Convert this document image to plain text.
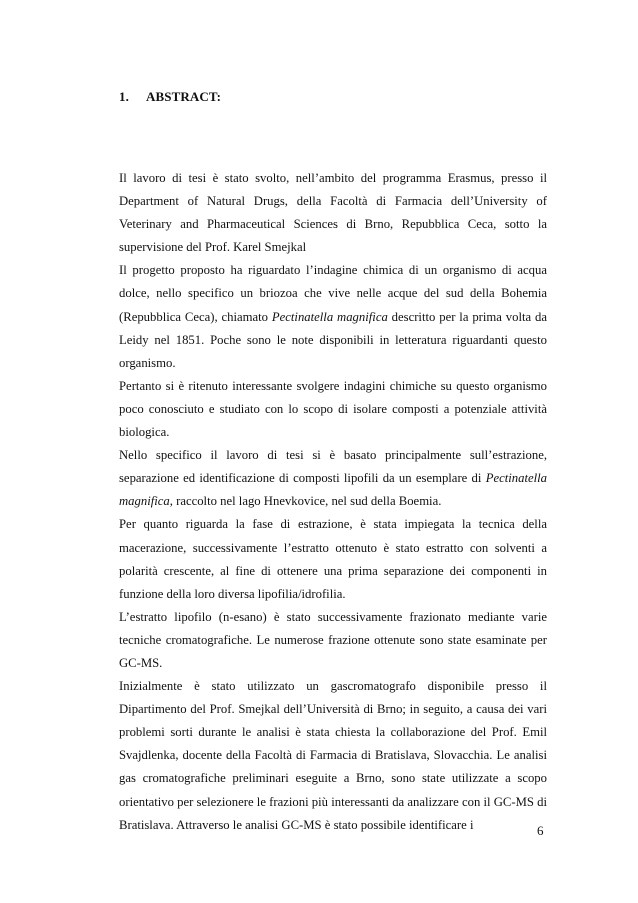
1. ABSTRACT:

Il lavoro di tesi è stato svolto, nell’ambito del programma Erasmus, presso il Department of Natural Drugs, della Facoltà di Farmacia dell’University of Veterinary and Pharmaceutical Sciences di Brno, Repubblica Ceca, sotto la supervisione del Prof. Karel Smejkal

Il progetto proposto ha riguardato l’indagine chimica di un organismo di acqua dolce, nello specifico un briozoa che vive nelle acque del sud della Bohemia (Repubblica Ceca), chiamato Pectinatella magnifica descritto per la prima volta da Leidy nel 1851. Poche sono le note disponibili in letteratura riguardanti questo organismo.

Pertanto si è ritenuto interessante svolgere indagini chimiche su questo organismo poco conosciuto e studiato con lo scopo di isolare composti a potenziale attività biologica.

Nello specifico il lavoro di tesi si è basato principalmente sull’estrazione, separazione ed identificazione di composti lipofili da un esemplare di Pectinatella magnifica, raccolto nel lago Hnevkovice, nel sud della Boemia.

Per quanto riguarda la fase di estrazione, è stata impiegata la tecnica della macerazione, successivamente l’estratto ottenuto è stato estratto con solventi a polarità crescente, al fine di ottenere una prima separazione dei componenti in funzione della loro diversa lipofilia/idrofilia.

L’estratto lipofilo (n-esano) è stato successivamente frazionato mediante varie tecniche cromatografiche. Le numerose frazione ottenute sono state esaminate per GC-MS.

Inizialmente è stato utilizzato un gascromatografo disponibile presso il Dipartimento del Prof. Smejkal dell’Università di Brno; in seguito, a causa dei vari problemi sorti durante le analisi è stata chiesta la collaborazione del Prof. Emil Svajdlenka, docente della Facoltà di Farmacia di Bratislava, Slovacchia. Le analisi gas cromatografiche preliminari eseguite a Brno, sono state utilizzate a scopo orientativo per selezionere le frazioni più interessanti da analizzare con il GC-MS di Bratislava. Attraverso le analisi GC-MS è stato possibile identificare i	6
